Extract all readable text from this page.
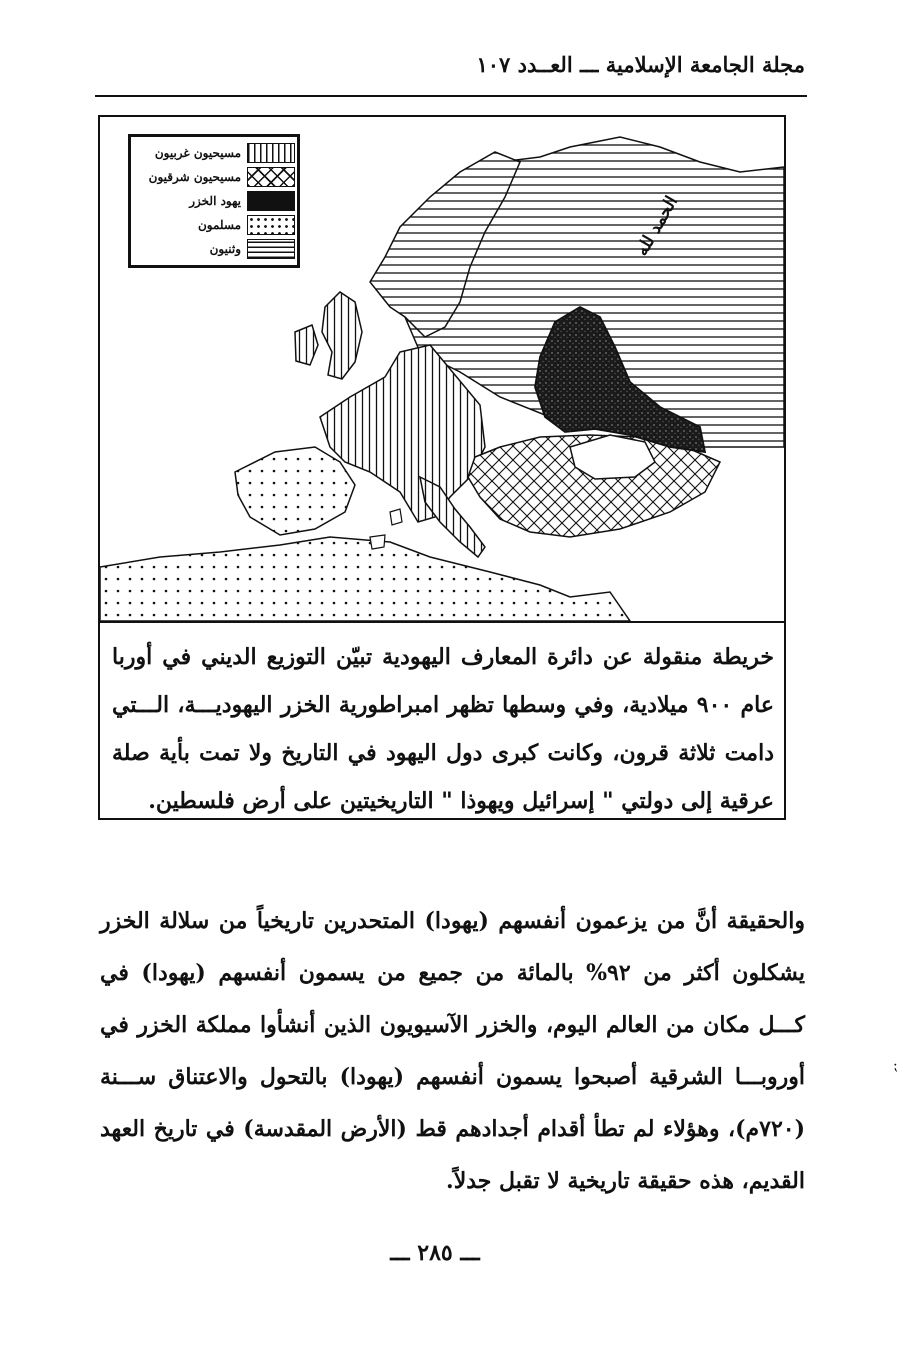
مجلة الجامعة الإسلامية ـــ العــدد ١٠٧
الحمد لله
مسيحيون غربيون
مسيحيون شرقيون
يهود الخزر
مسلمون
وثنيون
خريطة منقولة عن دائرة المعارف اليهودية تبيّن التوزيع الديني في أوربا عام ٩٠٠ ميلادية، وفي وسطها تظهر امبراطورية الخزر اليهوديـــة، الـــتي دامت ثلاثة قرون، وكانت كبرى دول اليهود في التاريخ ولا تمت بأية صلة عرقية إلى دولتي " إسرائيل ويهوذا " التاريخيتين على أرض فلسطين.

والحقيقة أنَّ من يزعمون أنفسهم (يهودا) المتحدرين تاريخياً من سلالة الخزر يشكلون أكثر من ٩٢% بالمائة من جميع من يسمون أنفسهم (يهودا) في كـــل مكان من العالم اليوم، والخزر الآسيويون الذين أنشأوا مملكة الخزر في أوروبـــا الشرقية أصبحوا يسمون أنفسهم (يهودا) بالتحول والاعتناق ســـنة (٧٢٠م)، وهؤلاء لم تطأ أقدام أجدادهم قط (الأرض المقدسة) في تاريخ العهد القديم، هذه حقيقة تاريخية لا تقبل جدلاً.

⁏
ـــ ٢٨٥ ـــ
